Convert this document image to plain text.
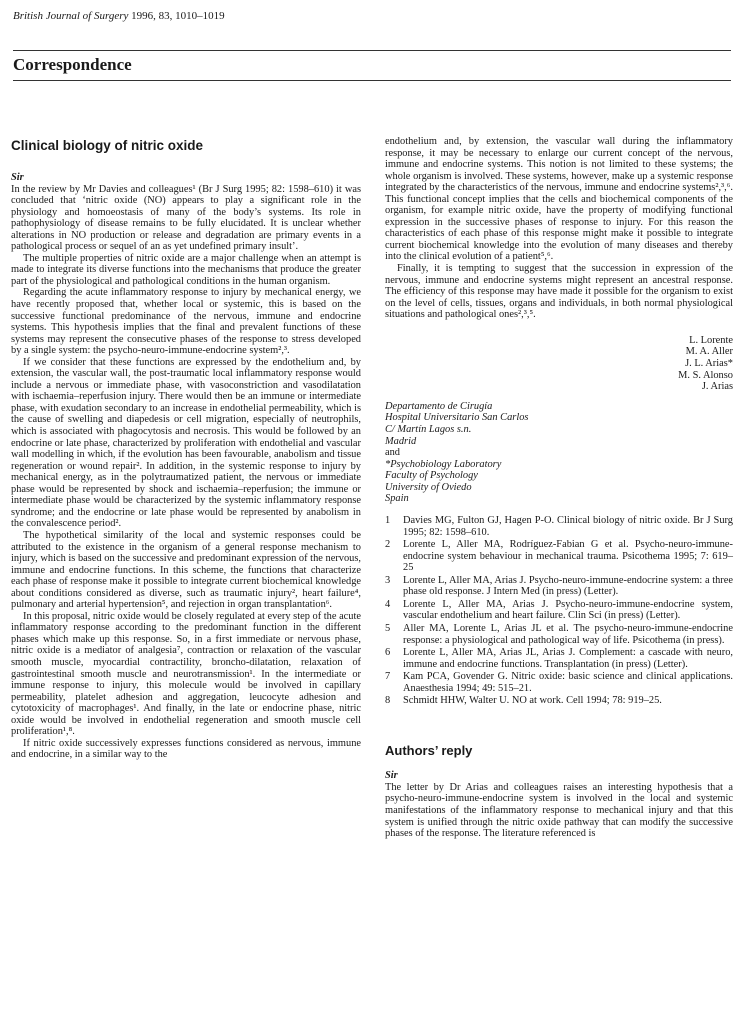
British Journal of Surgery 1996, 83, 1010–1019
Correspondence
Clinical biology of nitric oxide
Sir

In the review by Mr Davies and colleagues¹ (Br J Surg 1995; 82: 1598–610) it was concluded that ‘nitric oxide (NO) appears to play a significant role in the physiology and homoeostasis of many of the body’s systems. Its role in pathophysiology of disease remains to be fully elucidated. It is unclear whether alterations in NO production or release and degradation are primary events in a pathological process or sequel of an as yet undefined primary insult’.

The multiple properties of nitric oxide are a major challenge when an attempt is made to integrate its diverse functions into the mechanisms that produce the greater part of the physiological and pathological conditions in the human organism.

Regarding the acute inflammatory response to injury by mechanical energy, we have recently proposed that, whether local or systemic, this is based on the successive functional predominance of the nervous, immune and endocrine systems. This hypothesis implies that the final and prevalent functions of these systems may represent the consecutive phases of the response to stress developed by a single system: the psycho-neuro-immune-endocrine system²,³.

If we consider that these functions are expressed by the endothelium and, by extension, the vascular wall, the post-traumatic local inflammatory response would include a nervous or immediate phase, with vasoconstriction and vasodilatation with ischaemia–reperfusion injury. There would then be an immune or intermediate phase, with exudation secondary to an increase in endothelial permeability, which is the cause of swelling and diapedesis or cell migration, especially of neutrophils, which is associated with phagocytosis and necrosis. This would be followed by an endocrine or late phase, characterized by proliferation with endothelial and vascular wall modelling in which, if the evolution has been favourable, anabolism and tissue regeneration or wound repair². In addition, in the systemic response to injury by mechanical energy, as in the polytraumatized patient, the nervous or immediate phase would be represented by shock and ischaemia–reperfusion; the immune or intermediate phase would be characterized by the systemic inflammatory response syndrome; and the endocrine or late phase would be represented by anabolism in the convalescence period².

The hypothetical similarity of the local and systemic responses could be attributed to the existence in the organism of a general response mechanism to injury, which is based on the successive and predominant expression of the nervous, immune and endocrine functions. In this scheme, the functions that characterize each phase of response make it possible to integrate current biochemical knowledge about conditions considered as diverse, such as traumatic injury², heart failure⁴, pulmonary and arterial hypertension⁵, and rejection in organ transplantation⁶.

In this proposal, nitric oxide would be closely regulated at every step of the acute inflammatory response according to the predominant function in the different phases which make up this response. So, in a first immediate or nervous phase, nitric oxide is a mediator of analgesia⁷, contraction or relaxation of the vascular smooth muscle, myocardial contractility, broncho-dilatation, relaxation of gastrointestinal smooth muscle and neurotransmission¹. In the intermediate or immune response to injury, this molecule would be involved in capillary permeability, platelet adhesion and aggregation, leucocyte adhesion and cytotoxicity of macrophages¹. And finally, in the late or endocrine phase, nitric oxide would be involved in endothelial regeneration and smooth muscle cell proliferation¹,⁸.

If nitric oxide successively expresses functions considered as nervous, immune and endocrine, in a similar way to the

endothelium and, by extension, the vascular wall during the inflammatory response, it may be necessary to enlarge our current concept of the nervous, immune and endocrine systems. This notion is not limited to these systems; the whole organism is involved. These systems, however, make up a systemic response integrated by the characteristics of the nervous, immune and endocrine systems²,³,⁶. This functional concept implies that the cells and biochemical components of the organism, for example nitric oxide, have the property of modifying functional expression in the successive phases of response to injury. For this reason the characteristics of each phase of this response might make it possible to integrate current biochemical knowledge into the evolution of many diseases and thereby into the clinical evolution of a patient⁵,⁶.

Finally, it is tempting to suggest that the succession in expression of the nervous, immune and endocrine systems might represent an ancestral response. The efficiency of this response may have made it possible for the organism to exist on the level of cells, tissues, organs and individuals, in both normal physiological situations and pathological ones²,³,⁵.

L. Lorente
M. A. Aller
J. L. Arias*
M. S. Alonso
J. Arias
Departamento de Cirugía
Hospital Universitario San Carlos
C/ Martín Lagos s.n.
Madrid
and
*Psychobiology Laboratory
Faculty of Psychology
University of Oviedo
Spain
1 Davies MG, Fulton GJ, Hagen P-O. Clinical biology of nitric oxide. Br J Surg 1995; 82: 1598–610.
2 Lorente L, Aller MA, Rodríguez-Fabian G et al. Psycho-neuro-immune-endocrine system behaviour in mechanical trauma. Psicothema 1995; 7: 619–25
3 Lorente L, Aller MA, Arias J. Psycho-neuro-immune-endocrine system: a three phase old response. J Intern Med (in press) (Letter).
4 Lorente L, Aller MA, Arias J. Psycho-neuro-immune-endocrine system, vascular endothelium and heart failure. Clin Sci (in press) (Letter).
5 Aller MA, Lorente L, Arias JL et al. The psycho-neuro-immune-endocrine response: a physiological and pathological way of life. Psicothema (in press).
6 Lorente L, Aller MA, Arias JL, Arias J. Complement: a cascade with neuro, immune and endocrine functions. Transplantation (in press) (Letter).
7 Kam PCA, Govender G. Nitric oxide: basic science and clinical applications. Anaesthesia 1994; 49: 515–21.
8 Schmidt HHW, Walter U. NO at work. Cell 1994; 78: 919–25.
Authors’ reply
Sir

The letter by Dr Arias and colleagues raises an interesting hypothesis that a psycho-neuro-immune-endocrine system is involved in the local and systemic manifestations of the inflammatory response to mechanical injury and that this system is unified through the nitric oxide pathway that can modify the successive phases of the response. The literature referenced is
